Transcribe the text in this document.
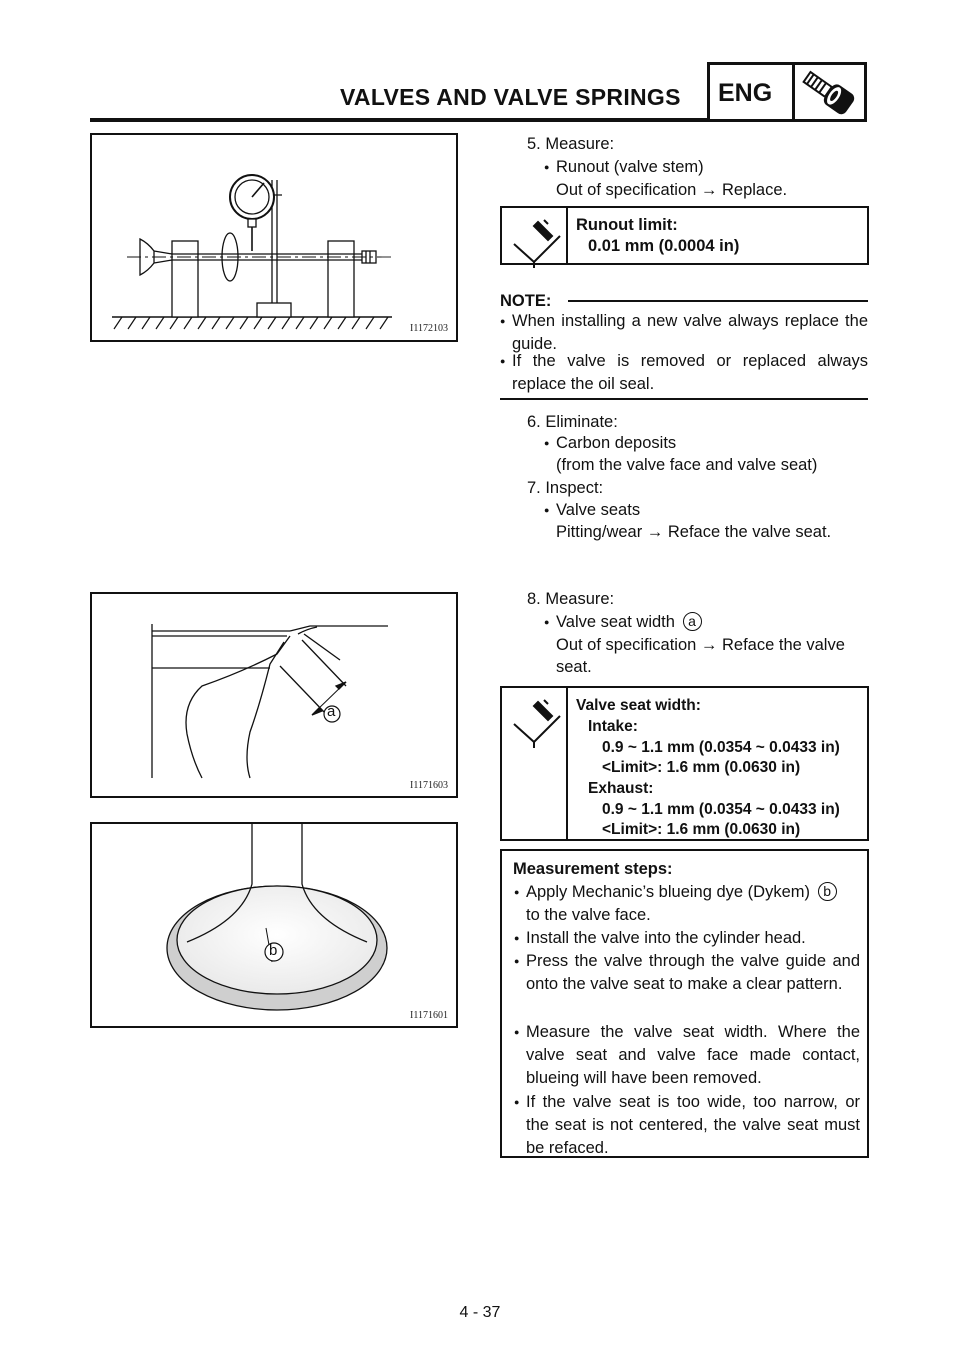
VALVES AND VALVE SPRINGS ENG
I1172103
a
I1171603
b
I1171601
5. Measure:
● Runout (valve stem)
Out of specification → Replace.
Runout limit:
0.01 mm (0.0004 in)
NOTE:
● When installing a new valve always replace the guide.
● If the valve is removed or replaced always replace the oil seal.
6. Eliminate:
● Carbon deposits
(from the valve face and valve seat)
7. Inspect:
● Valve seats
Pitting/wear → Reface the valve seat.
8. Measure:
● Valve seat width a
Out of specification → Reface the valve
seat.
Valve seat width:
Intake:
0.9 ~ 1.1 mm (0.0354 ~ 0.0433 in)
<Limit>: 1.6 mm (0.0630 in)
Exhaust:
0.9 ~ 1.1 mm (0.0354 ~ 0.0433 in)
<Limit>: 1.6 mm (0.0630 in)
Measurement steps:
● Apply Mechanic’s blueing dye (Dykem) b
to the valve face.
● Install the valve into the cylinder head.
● Press the valve through the valve guide and onto the valve seat to make a clear pattern.
● Measure the valve seat width. Where the valve seat and valve face made contact, blueing will have been removed.
● If the valve seat is too wide, too narrow, or the seat is not centered, the valve seat must be refaced.
4 - 37
